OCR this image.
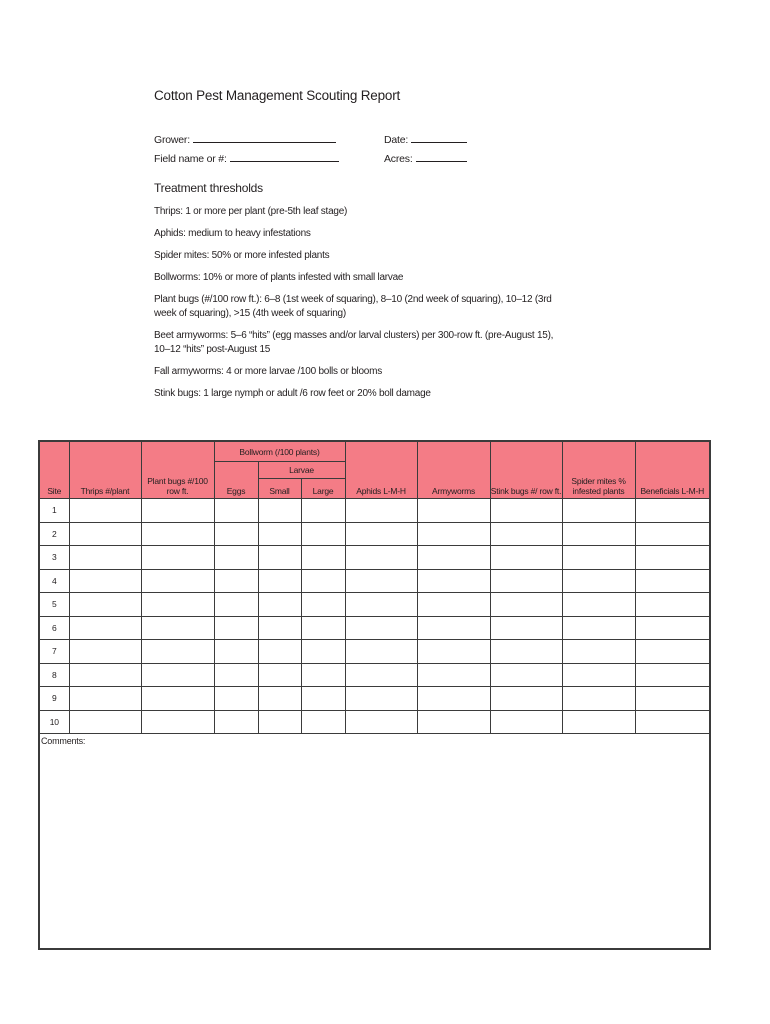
Cotton Pest Management Scouting Report
Grower:
Field name or #:
Date:
Acres:
Treatment thresholds

Thrips: 1 or more per plant (pre-5th leaf stage)

Aphids: medium to heavy infestations

Spider mites: 50% or more infested plants

Bollworms: 10% or more of plants infested with small larvae

Plant bugs (#/100 row ft.): 6–8 (1st week of squaring), 8–10 (2nd week of squaring), 10–12 (3rd week of squaring), >15 (4th week of squaring)

Beet armyworms: 5–6 “hits” (egg masses and/or larval clusters) per 300-row ft. (pre-August 15), 10–12 “hits” post-August 15

Fall armyworms: 4 or more larvae /100 bolls or blooms

Stink bugs: 1 large nymph or adult /6 row feet or 20% boll damage

Site	Thrips #/plant	Plant bugs #/100 row ft.	Bollworm (/100 plants)			Aphids L-M-H	Armyworms	Stink bugs #/ row ft.	Spider mites % infested plants	Beneficials L-M-H
			Eggs	Larvae						
				Small	Large					
1										
2										
3										
4										
5										
6										
7										
8										
9										
10										
Comments:										
